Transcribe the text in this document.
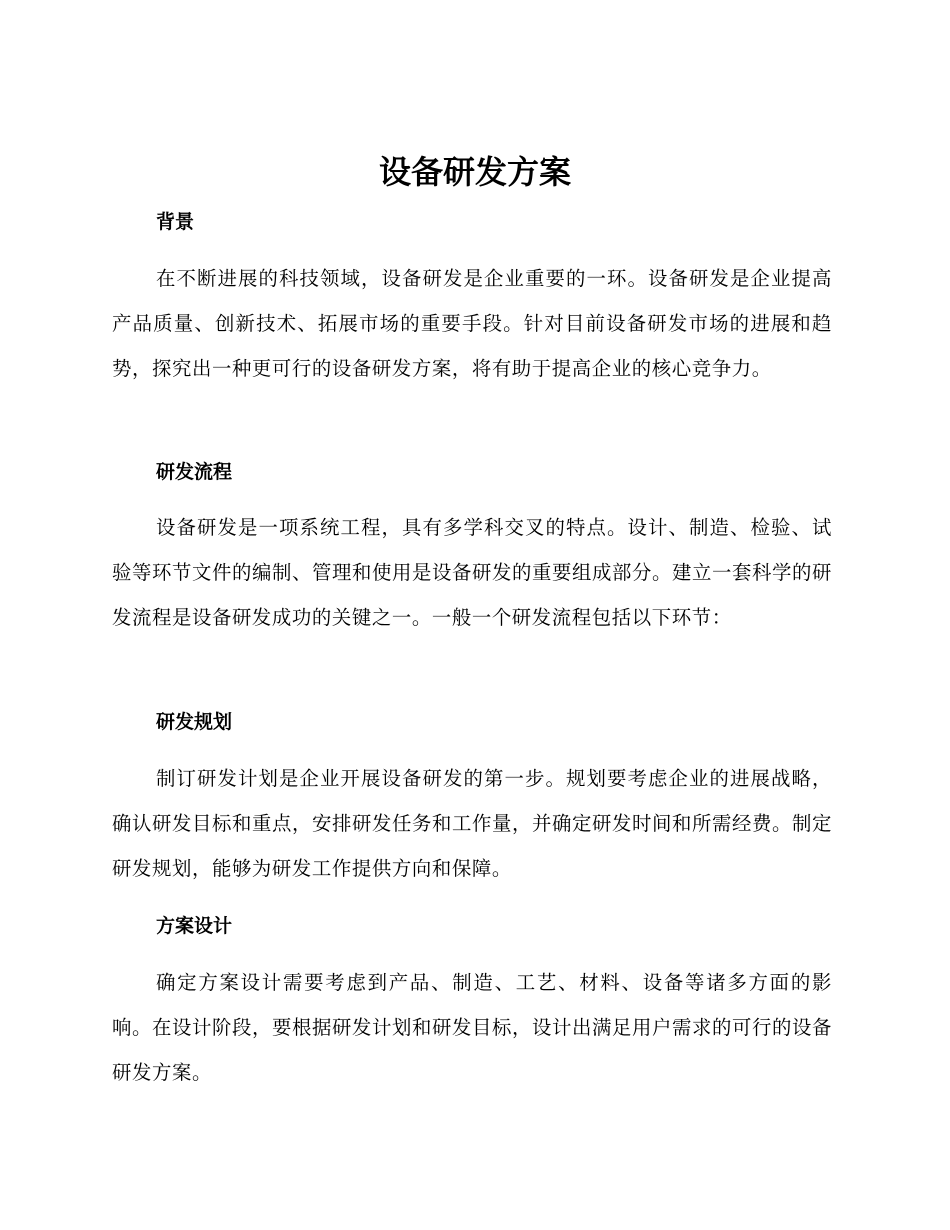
设备研发方案
背景

在不断进展的科技领域，设备研发是企业重要的一环。设备研发是企业提高产品质量、创新技术、拓展市场的重要手段。针对目前设备研发市场的进展和趋势，探究出一种更可行的设备研发方案，将有助于提高企业的核心竞争力。

研发流程

设备研发是一项系统工程，具有多学科交叉的特点。设计、制造、检验、试验等环节文件的编制、管理和使用是设备研发的重要组成部分。建立一套科学的研发流程是设备研发成功的关键之一。一般一个研发流程包括以下环节：

研发规划

制订研发计划是企业开展设备研发的第一步。规划要考虑企业的进展战略，确认研发目标和重点，安排研发任务和工作量，并确定研发时间和所需经费。制定研发规划，能够为研发工作提供方向和保障。

方案设计

确定方案设计需要考虑到产品、制造、工艺、材料、设备等诸多方面的影响。在设计阶段，要根据研发计划和研发目标，设计出满足用户需求的可行的设备研发方案。
